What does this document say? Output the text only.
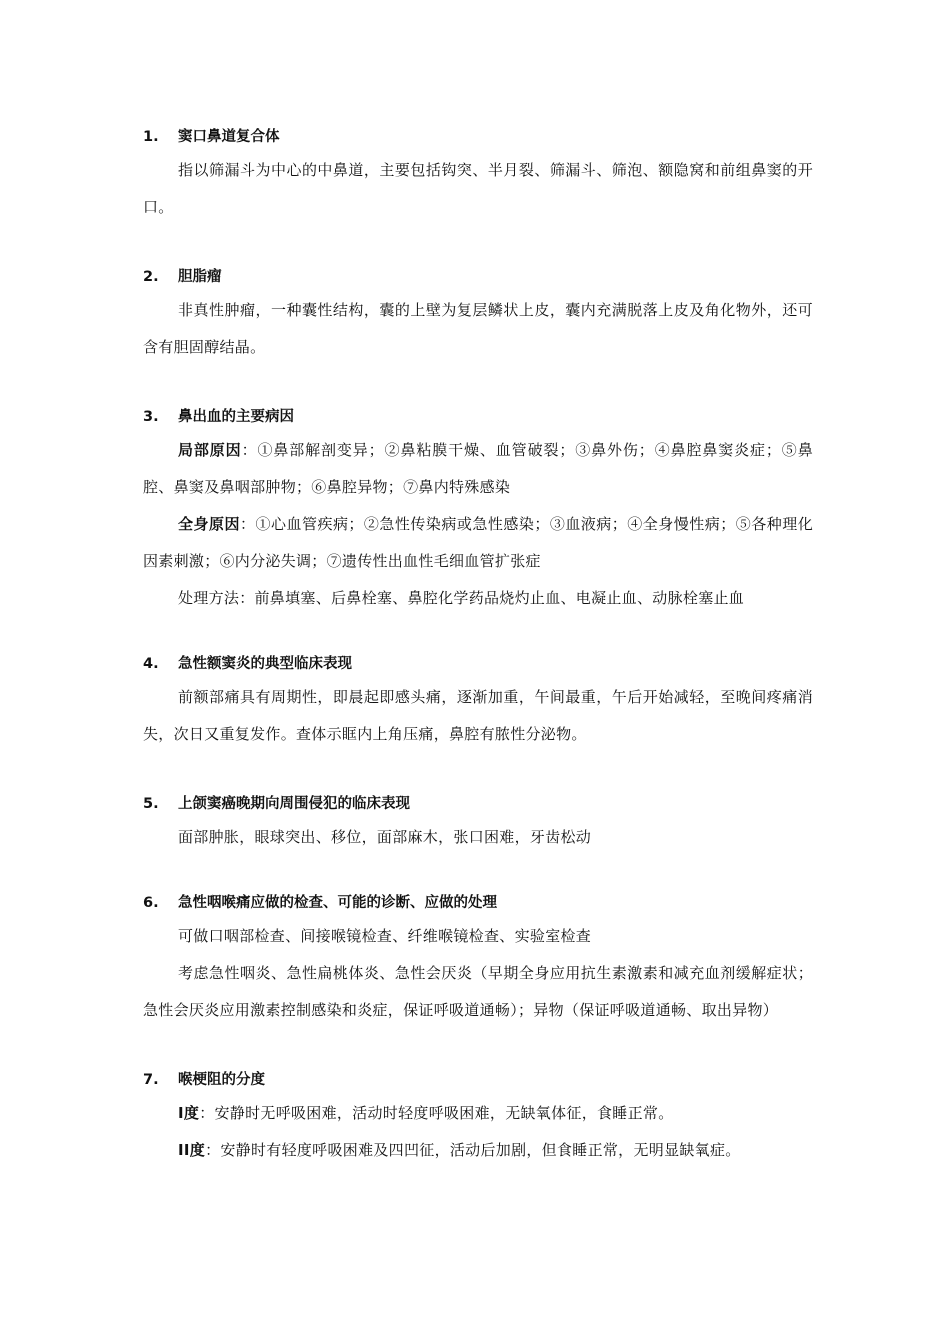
1. 窦口鼻道复合体

指以筛漏斗为中心的中鼻道，主要包括钩突、半月裂、筛漏斗、筛泡、额隐窝和前组鼻窦的开口。

2. 胆脂瘤

非真性肿瘤，一种囊性结构，囊的上壁为复层鳞状上皮，囊内充满脱落上皮及角化物外，还可含有胆固醇结晶。

3. 鼻出血的主要病因

局部原因：①鼻部解剖变异；②鼻粘膜干燥、血管破裂；③鼻外伤；④鼻腔鼻窦炎症；⑤鼻腔、鼻窦及鼻咽部肿物；⑥鼻腔异物；⑦鼻内特殊感染

全身原因：①心血管疾病；②急性传染病或急性感染；③血液病；④全身慢性病；⑤各种理化因素刺激；⑥内分泌失调；⑦遗传性出血性毛细血管扩张症

处理方法：前鼻填塞、后鼻栓塞、鼻腔化学药品烧灼止血、电凝止血、动脉栓塞止血

4. 急性额窦炎的典型临床表现

前额部痛具有周期性，即晨起即感头痛，逐渐加重，午间最重，午后开始减轻，至晚间疼痛消失，次日又重复发作。查体示眶内上角压痛，鼻腔有脓性分泌物。

5. 上颌窦癌晚期向周围侵犯的临床表现

面部肿胀，眼球突出、移位，面部麻木，张口困难，牙齿松动

6. 急性咽喉痛应做的检查、可能的诊断、应做的处理

可做口咽部检查、间接喉镜检查、纤维喉镜检查、实验室检查

考虑急性咽炎、急性扁桃体炎、急性会厌炎（早期全身应用抗生素激素和减充血剂缓解症状；急性会厌炎应用激素控制感染和炎症，保证呼吸道通畅）；异物（保证呼吸道通畅、取出异物）

7. 喉梗阻的分度

I度：安静时无呼吸困难，活动时轻度呼吸困难，无缺氧体征，食睡正常。

II度：安静时有轻度呼吸困难及四凹征，活动后加剧，但食睡正常，无明显缺氧症。
